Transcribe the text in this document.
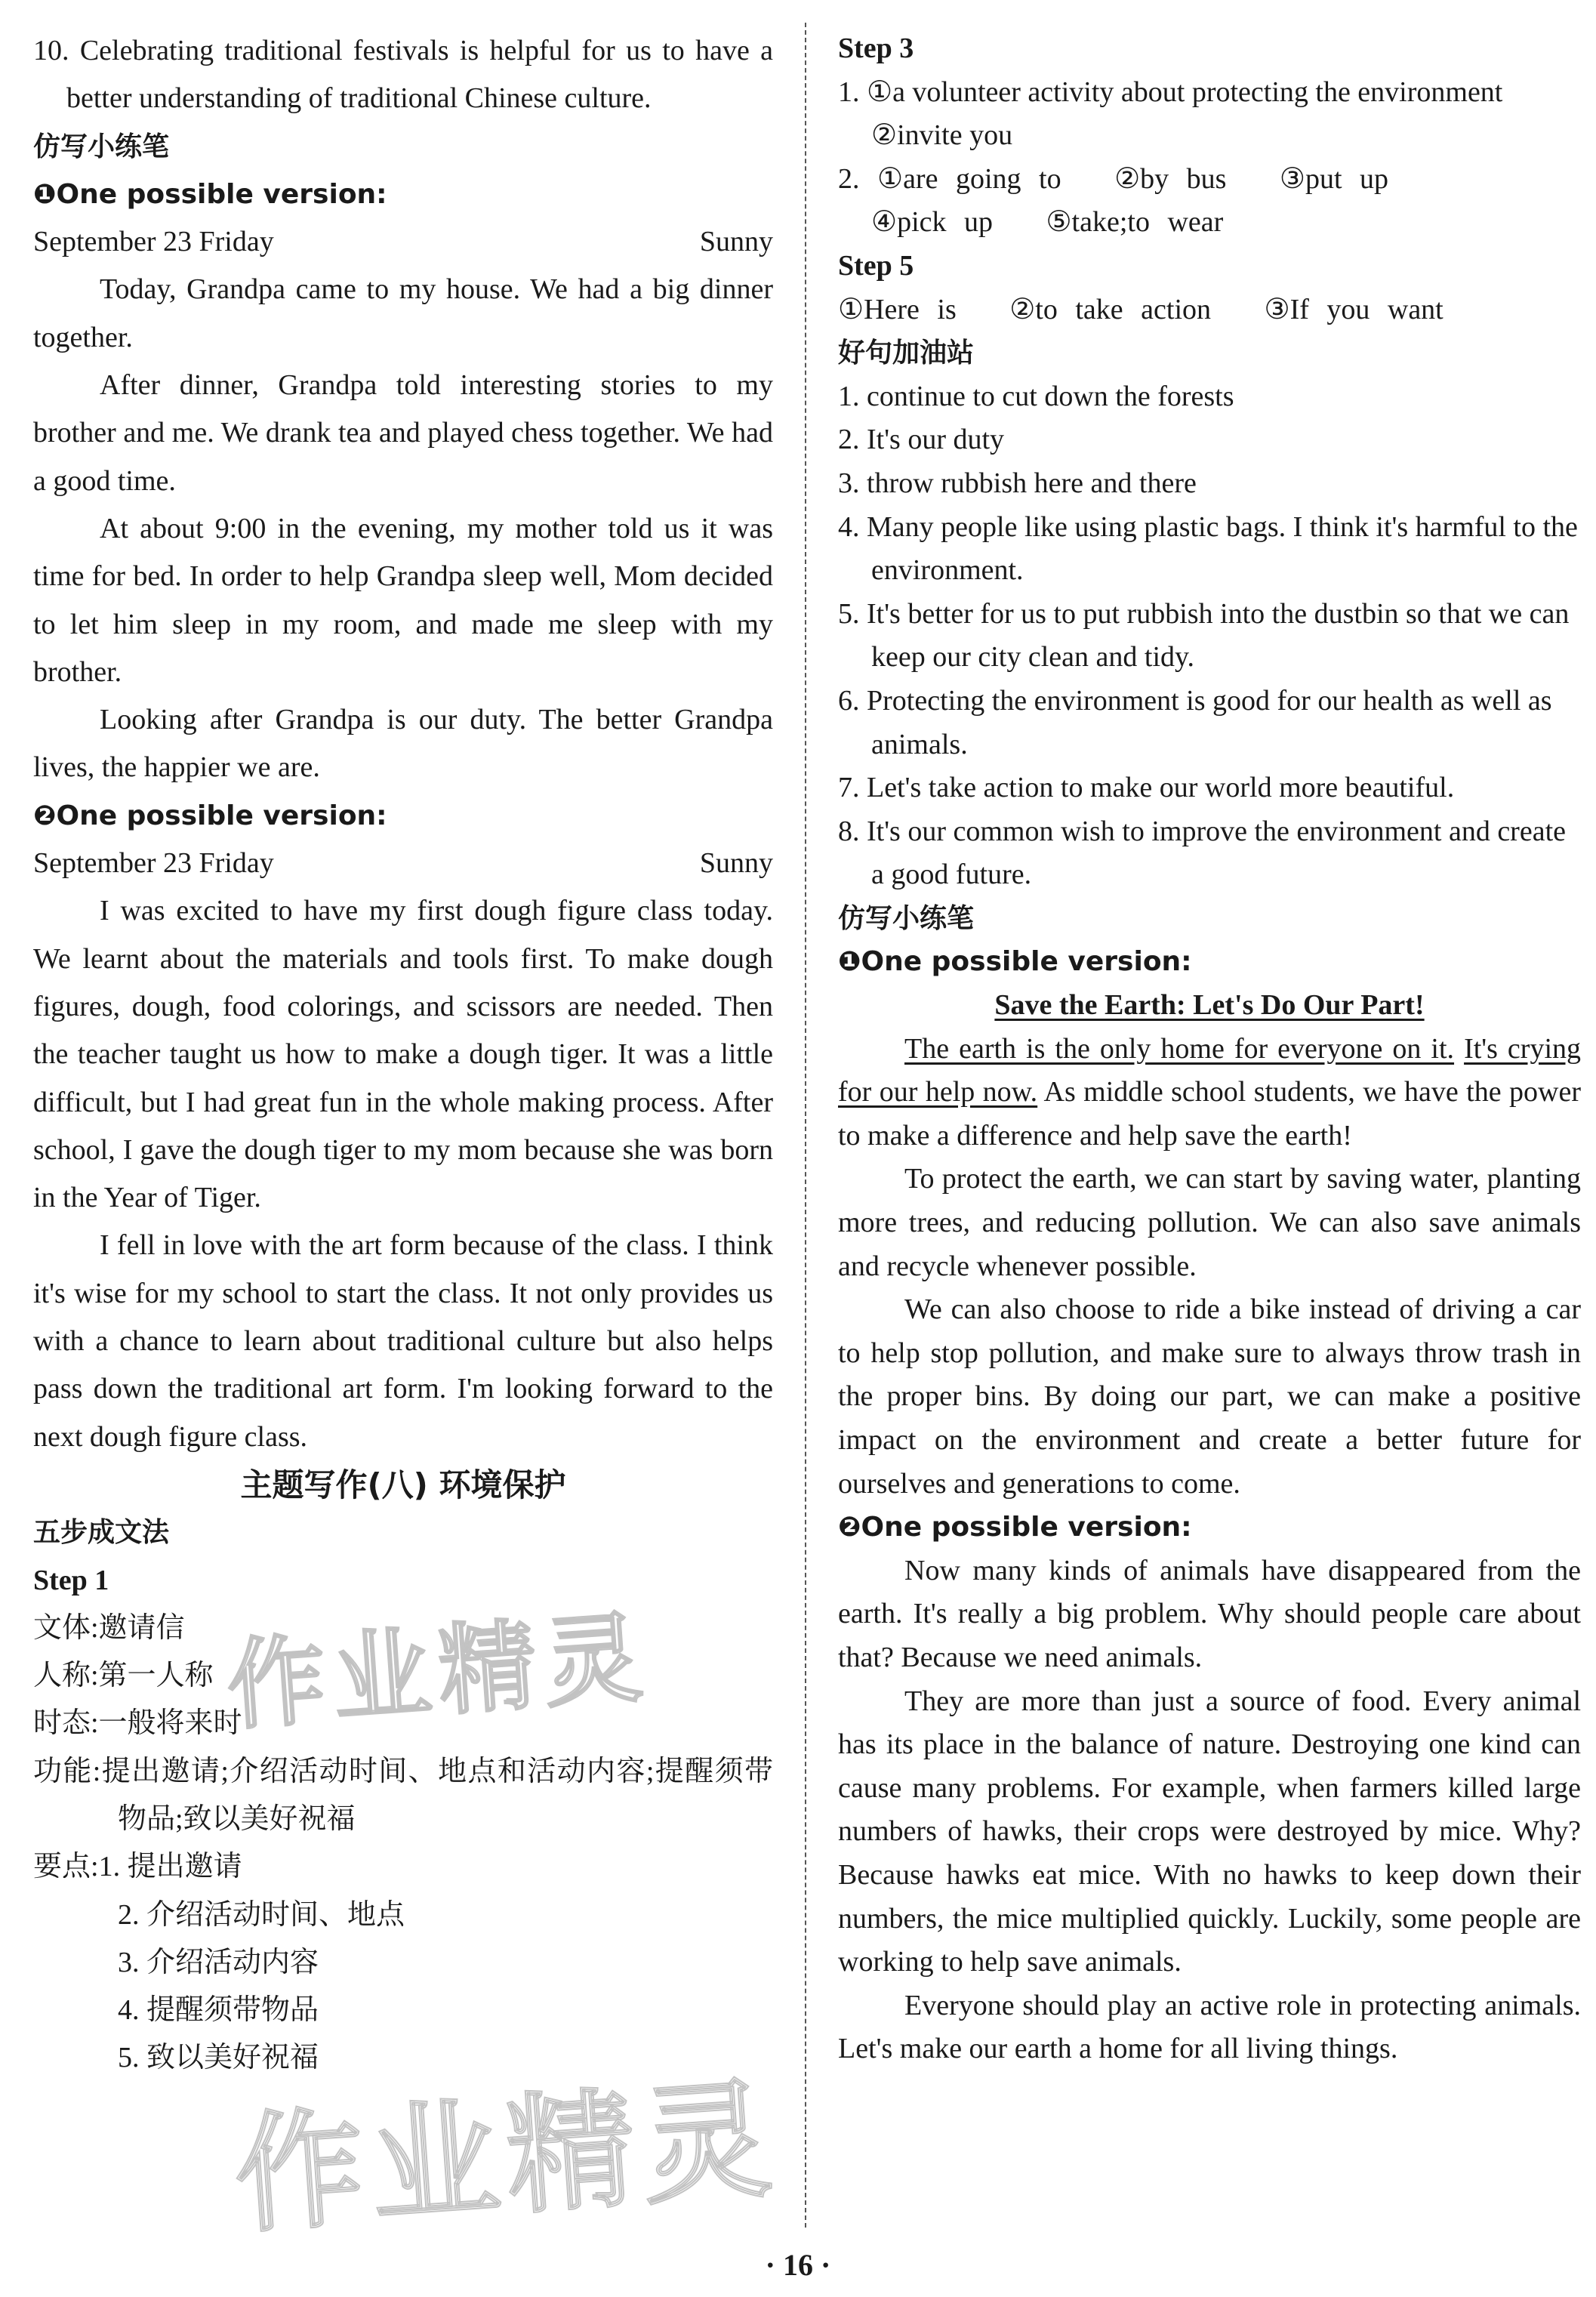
10. Celebrating traditional festivals is helpful for us to have a better understanding of traditional Chinese culture.

仿写小练笔

❶One possible version:

September 23 Friday	Sunny

Today, Grandpa came to my house. We had a big dinner together.

After dinner, Grandpa told interesting stories to my brother and me. We drank tea and played chess together. We had a good time.

At about 9:00 in the evening, my mother told us it was time for bed. In order to help Grandpa sleep well, Mom decided to let him sleep in my room, and made me sleep with my brother.

Looking after Grandpa is our duty. The better Grandpa lives, the happier we are.

❷One possible version:

September 23 Friday	Sunny

I was excited to have my first dough figure class today. We learnt about the materials and tools first. To make dough figures, dough, food colorings, and scissors are needed. Then the teacher taught us how to make a dough tiger. It was a little difficult, but I had great fun in the whole making process. After school, I gave the dough tiger to my mom because she was born in the Year of Tiger.

I fell in love with the art form because of the class. I think it's wise for my school to start the class. It not only provides us with a chance to learn about traditional culture but also helps pass down the traditional art form. I'm looking forward to the next dough figure class.

主题写作(八) 环境保护

五步成文法

Step 1

文体:邀请信

人称:第一人称

时态:一般将来时

功能:提出邀请;介绍活动时间、地点和活动内容;提醒须带物品;致以美好祝福

要点:1. 提出邀请

2. 介绍活动时间、地点

3. 介绍活动内容

4. 提醒须带物品

5. 致以美好祝福

Step 3

1. ①a volunteer activity about protecting the environment

②invite you

2. ①are going to   ②by bus   ③put up

④pick up   ⑤take;to wear

Step 5

①Here is   ②to take action   ③If you want

好句加油站

1. continue to cut down the forests

2. It's our duty

3. throw rubbish here and there

4. Many people like using plastic bags. I think it's harmful to the environment.

5. It's better for us to put rubbish into the dustbin so that we can keep our city clean and tidy.

6. Protecting the environment is good for our health as well as animals.

7. Let's take action to make our world more beautiful.

8. It's our common wish to improve the environment and create a good future.

仿写小练笔

❶One possible version:

Save the Earth: Let's Do Our Part!

The earth is the only home for everyone on it. It's crying for our help now. As middle school students, we have the power to make a difference and help save the earth!

To protect the earth, we can start by saving water, planting more trees, and reducing pollution. We can also save animals and recycle whenever possible.

We can also choose to ride a bike instead of driving a car to help stop pollution, and make sure to always throw trash in the proper bins. By doing our part, we can make a positive impact on the environment and create a better future for ourselves and generations to come.

❷One possible version:

Now many kinds of animals have disappeared from the earth. It's really a big problem. Why should people care about that? Because we need animals.

They are more than just a source of food. Every animal has its place in the balance of nature. Destroying one kind can cause many problems. For example, when farmers killed large numbers of hawks, their crops were destroyed by mice. Why? Because hawks eat mice. With no hawks to keep down their numbers, the mice multiplied quickly. Luckily, some people are working to help save animals.

Everyone should play an active role in protecting animals. Let's make our earth a home for all living things.

作业精灵
作业精灵
· 16 ·
